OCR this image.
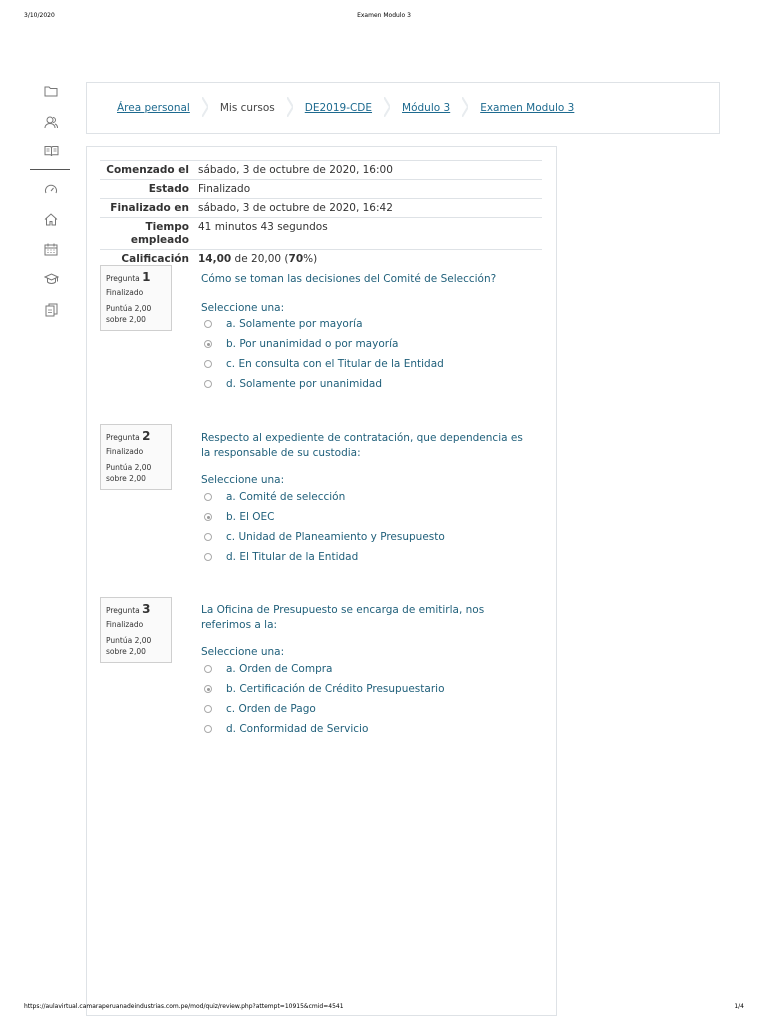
3/10/2020	Examen Modulo 3
Área personal	Mis cursos	DE2019-CDE	Módulo 3	Examen Modulo 3
Comenzado el sábado, 3 de octubre de 2020, 16:00
Estado Finalizado
Finalizado en sábado, 3 de octubre de 2020, 16:42
Tiempo
empleado
41 minutos 43 segundos
Calificación 14,00 de 20,00 (70%)
Pregunta 1
Finalizado
Puntúa 2,00
sobre 2,00
Cómo se toman las decisiones del Comité de Selección?
Seleccione una:
a. Solamente por mayoría
b. Por unanimidad o por mayoría
c. En consulta con el Titular de la Entidad
d. Solamente por unanimidad
Pregunta 2
Finalizado
Puntúa 2,00
sobre 2,00
Respecto al expediente de contratación, que dependencia es la responsable de su custodia:
Seleccione una:
a. Comité de selección
b. El OEC
c. Unidad de Planeamiento y Presupuesto
d. El Titular de la Entidad
Pregunta 3
Finalizado
Puntúa 2,00
sobre 2,00
La Oficina de Presupuesto se encarga de emitirla, nos referimos a la:
Seleccione una:
a. Orden de Compra
b. Certificación de Crédito Presupuestario
c. Orden de Pago
d. Conformidad de Servicio
https://aulavirtual.camaraperuanadeindustrias.com.pe/mod/quiz/review.php?attempt=10915&cmid=4541	1/4
